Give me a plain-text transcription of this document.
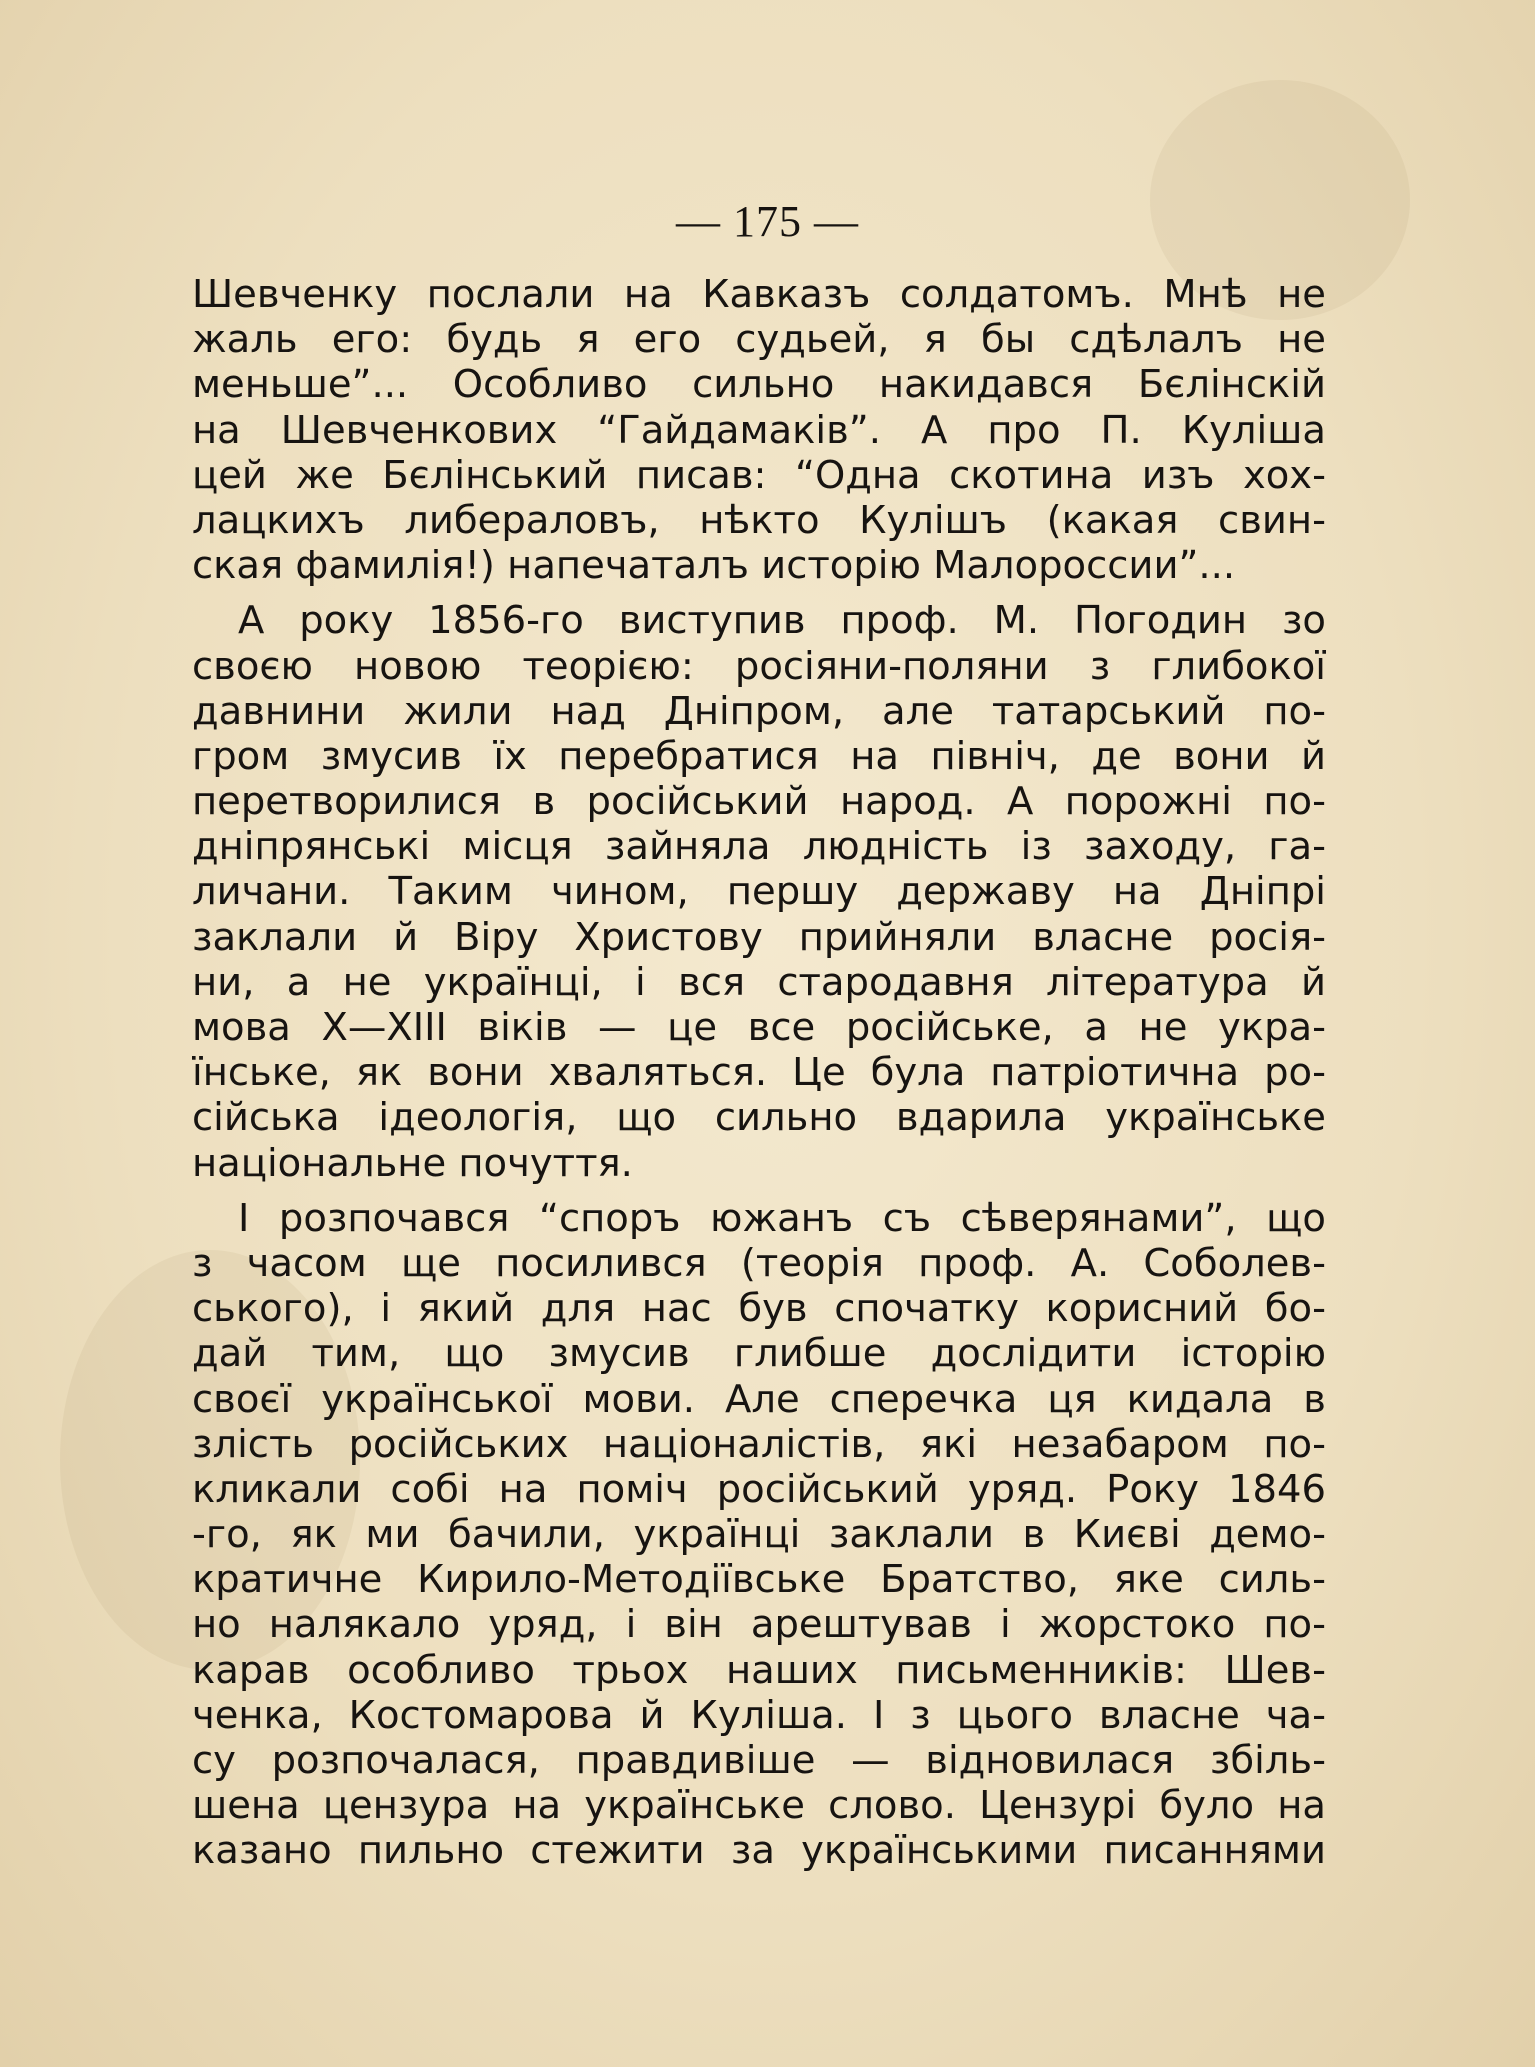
— 175 —
Шевченку послали на Кавказъ солдатомъ. Мнѣ не
жаль его: будь я его судьей, я бы сдѣлалъ не
меньше”... Особливо сильно накидався Бєлінскій
на Шевченкових “Гайдамаків”. А про П. Куліша
цей же Бєлінський писав: “Одна скотина изъ хох-
лацкихъ либераловъ, нѣкто Кулішъ (какая свин-
ская фамилія!) напечаталъ исторію Малороссии”...
А року 1856-го виступив проф. М. Погодин зо
своєю новою теорією: росіяни-поляни з глибокої
давнини жили над Дніпром, але татарський по-
гром змусив їх перебратися на північ, де вони й
перетворилися в російський народ. А порожні по-
дніпрянські місця зайняла людність із заходу, га-
личани. Таким чином, першу державу на Дніпрі
заклали й Віру Христову прийняли власне росія-
ни, а не українці, і вся стародавня література й
мова X—XIII віків — це все російське, а не укра-
їнське, як вони хваляться. Це була патріотична ро-
сійська ідеологія, що сильно вдарила українське
національне почуття.
І розпочався “споръ южанъ съ сѣверянами”, що
з часом ще посилився (теорія проф. А. Соболев-
ського), і який для нас був спочатку корисний бо-
дай тим, що змусив глибше дослідити історію
своєї української мови. Але сперечка ця кидала в
злість російських націоналістів, які незабаром по-
кликали собі на поміч російський уряд. Року 1846
-го, як ми бачили, українці заклали в Києві демо-
кратичне Кирило-Методіївське Братство, яке силь-
но налякало уряд, і він арештував і жорстоко по-
карав особливо трьох наших письменників: Шев-
ченка, Костомарова й Куліша. І з цього власне ча-
су розпочалася, правдивіше — відновилася збіль-
шена цензура на українське слово. Цензурі було на
казано пильно стежити за українськими писаннями
